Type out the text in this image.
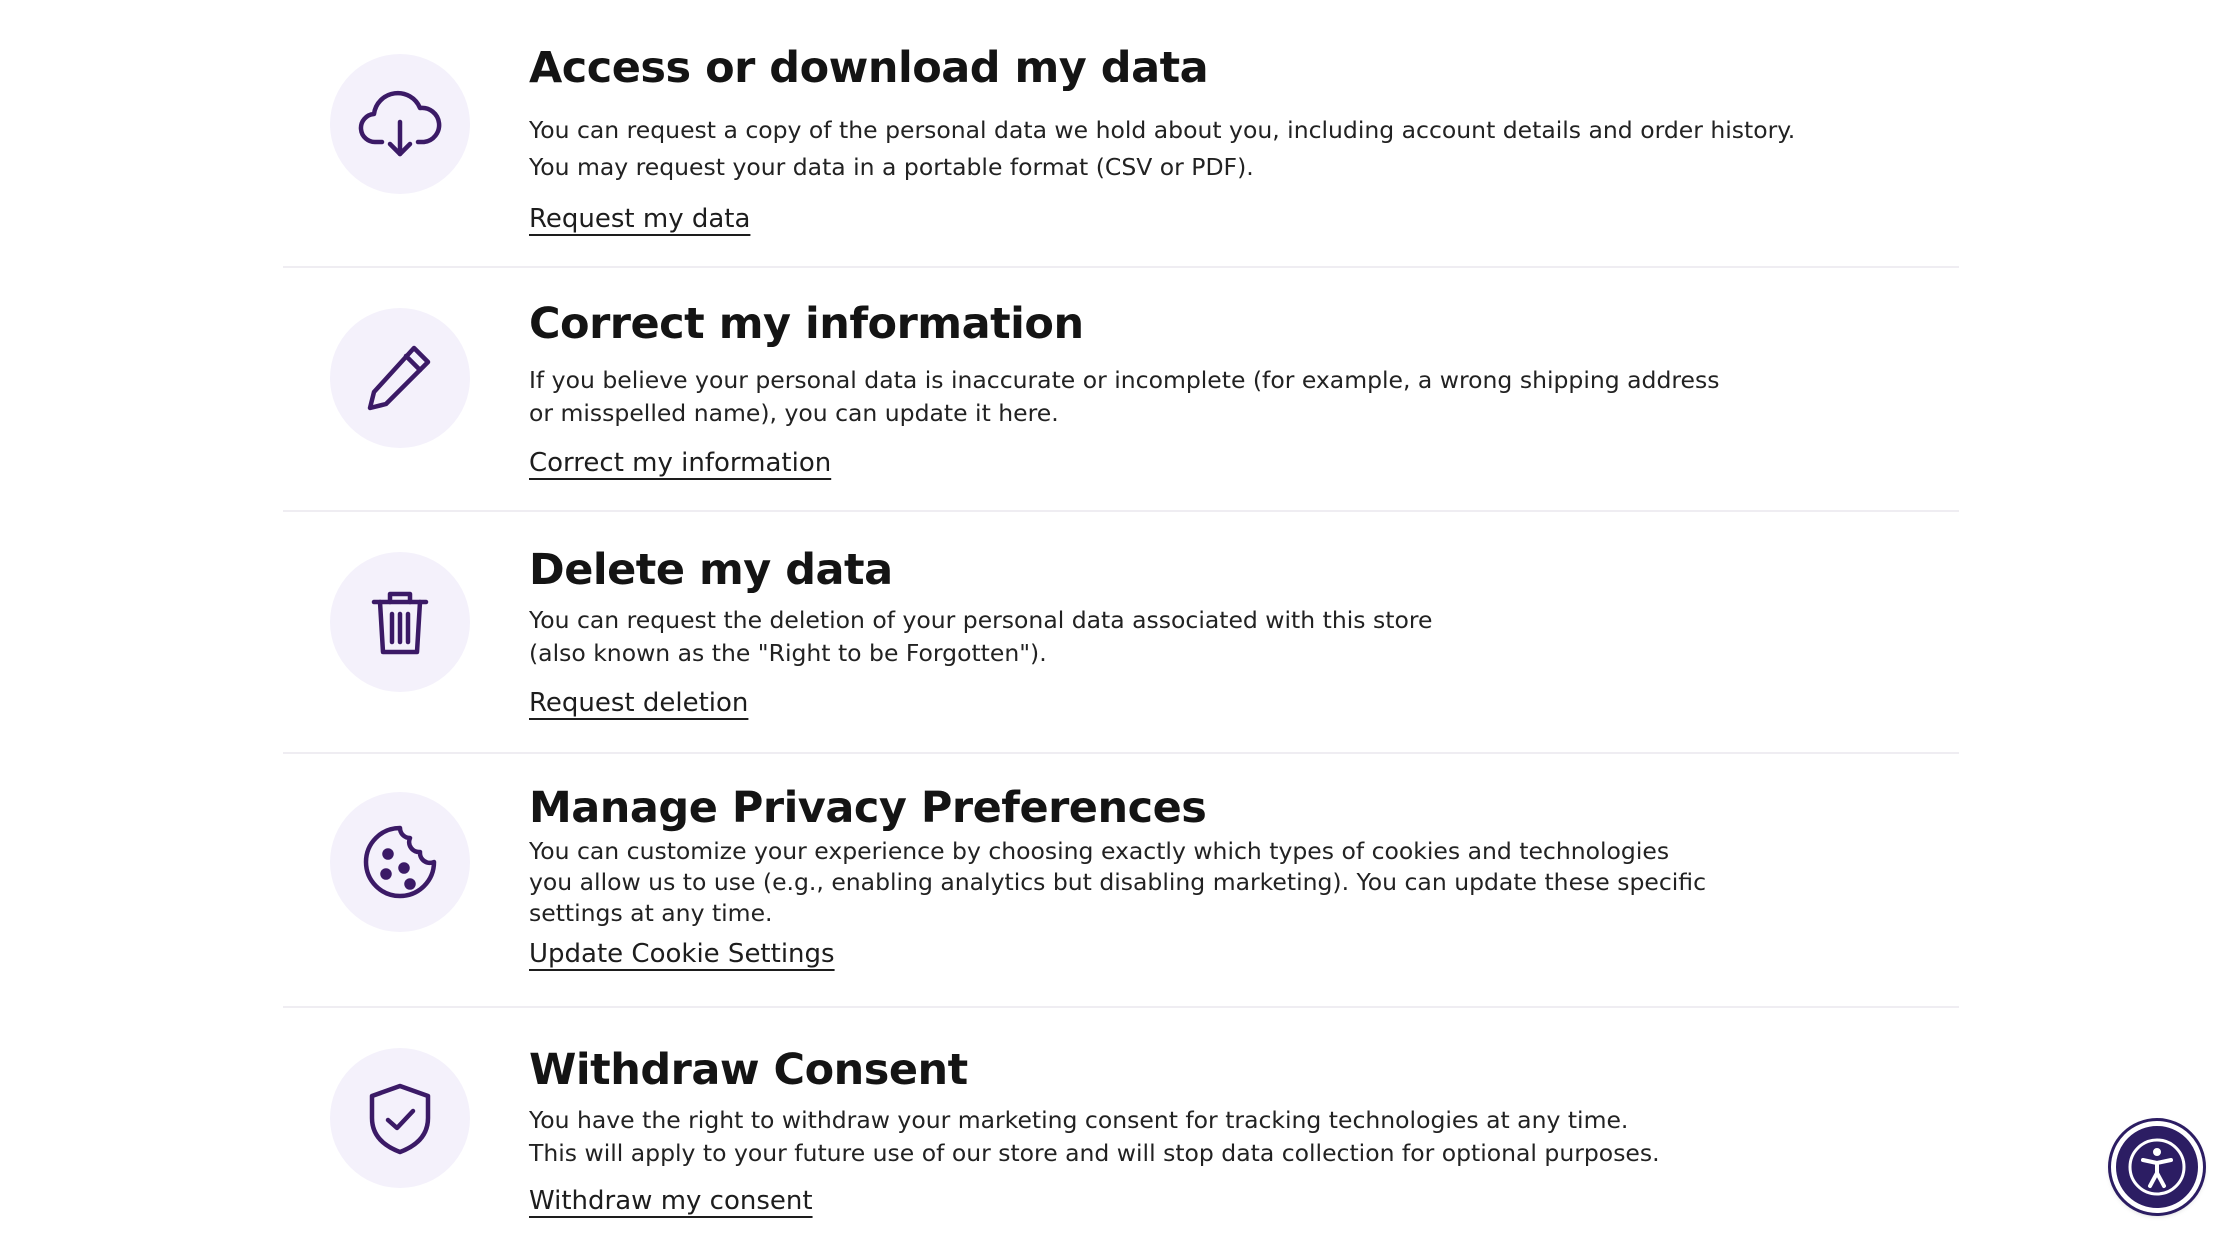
Access or download my data
You can request a copy of the personal data we hold about you, including account details and order history.
You may request your data in a portable format (CSV or PDF).
Request my data
Correct my information
If you believe your personal data is inaccurate or incomplete (for example, a wrong shipping address
or misspelled name), you can update it here.
Correct my information
Delete my data
You can request the deletion of your personal data associated with this store
(also known as the "Right to be Forgotten").
Request deletion
Manage Privacy Preferences
You can customize your experience by choosing exactly which types of cookies and technologies
you allow us to use (e.g., enabling analytics but disabling marketing). You can update these specific
settings at any time.
Update Cookie Settings
Withdraw Consent
You have the right to withdraw your marketing consent for tracking technologies at any time.
This will apply to your future use of our store and will stop data collection for optional purposes.
Withdraw my consent
